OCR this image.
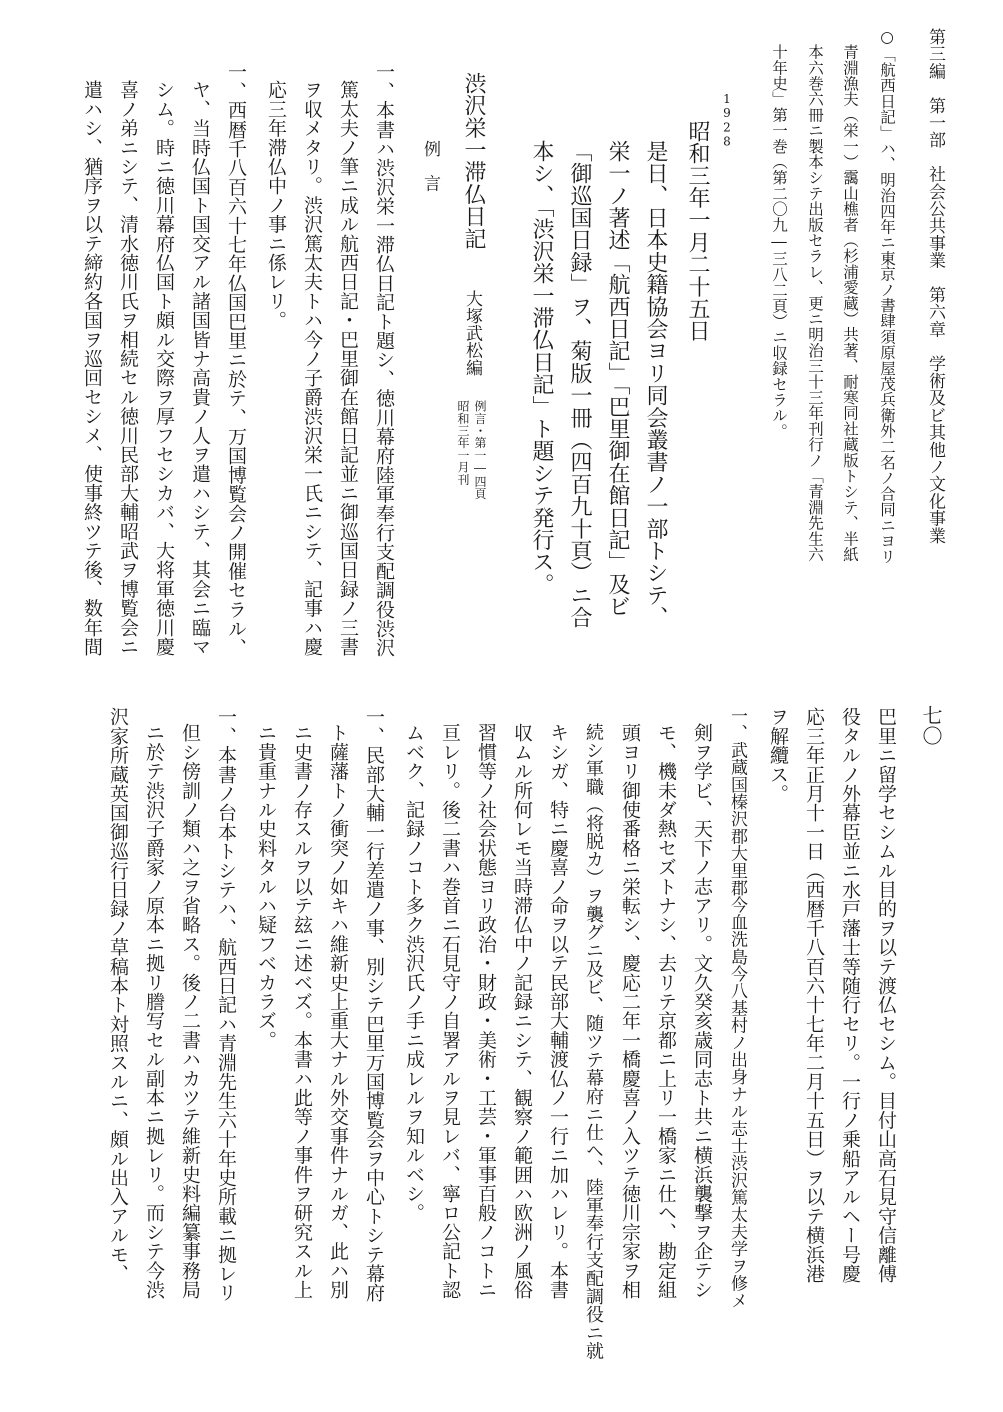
第三編　第一部　社会公共事業　第六章　学術及ビ其他ノ文化事業
七〇
○「航西日記」ハ、明治四年ニ東京ノ書肆須原屋茂兵衛外二名ノ合同ニヨリ
青淵漁夫（栄一）靄山樵者（杉浦愛蔵）共著、耐寒同社蔵版トシテ、半紙
本六巻六冊ニ製本シテ出版セラレ、更ニ明治三十三年刊行ノ「青淵先生六
十年史」第一巻（第二〇九―三八二頁）ニ収録セラル。
1928
昭和三年一月二十五日
是日、日本史籍協会ヨリ同会叢書ノ一部トシテ、
栄一ノ著述「航西日記」「巴里御在館日記」及ビ
「御巡国日録」ヲ、菊版一冊（四百九十頁）ニ合
本シ、「渋沢栄一滞仏日記」ト題シテ発行ス。
渋沢栄一滞仏日記
大塚武松編
例言・第一―四頁
昭和三年一月刊
例　言
一、本書ハ渋沢栄一滞仏日記ト題シ、徳川幕府陸軍奉行支配調役渋沢
篤太夫ノ筆ニ成ル航西日記・巴里御在館日記並ニ御巡国日録ノ三書
ヲ収メタリ。渋沢篤太夫トハ今ノ子爵渋沢栄一氏ニシテ、記事ハ慶
応三年滞仏中ノ事ニ係レリ。
一、西暦千八百六十七年仏国巴里ニ於テ、万国博覧会ノ開催セラル、
ヤ、当時仏国ト国交アル諸国皆ナ高貴ノ人ヲ遣ハシテ、其会ニ臨マ
シム。時ニ徳川幕府仏国ト頗ル交際ヲ厚フセシカバ、大将軍徳川慶
喜ノ弟ニシテ、清水徳川氏ヲ相続セル徳川民部大輔昭武ヲ博覧会ニ
遣ハシ、猶序ヲ以テ締約各国ヲ巡回セシメ、使事終ツテ後、数年間
巴里ニ留学セシムル目的ヲ以テ渡仏セシム。目付山高石見守信離傅
役タルノ外幕臣並ニ水戸藩士等随行セリ。一行ノ乗船アルヘー号慶
応三年正月十一日（西暦千八百六十七年二月十五日）ヲ以テ横浜港
ヲ解纜ス。
一、武蔵国榛沢郡大里郡今血洗島今八基村ノ出身ナル志士渋沢篤太夫学ヲ修メ
剣ヲ学ビ、天下ノ志アリ。文久癸亥歳同志ト共ニ横浜襲撃ヲ企テシ
モ、機未ダ熱セズトナシ、去リテ京都ニ上リ一橋家ニ仕ヘ、勘定組
頭ヨリ御使番格ニ栄転シ、慶応二年一橋慶喜ノ入ツテ徳川宗家ヲ相
続シ軍職（将脱カ）ヲ襲グニ及ビ、随ツテ幕府ニ仕ヘ、陸軍奉行支配調役ニ就
キシガ、特ニ慶喜ノ命ヲ以テ民部大輔渡仏ノ一行ニ加ハレリ。本書
収ムル所何レモ当時滞仏中ノ記録ニシテ、観察ノ範囲ハ欧洲ノ風俗
習慣等ノ社会状態ヨリ政治・財政・美術・工芸・軍事百般ノコトニ
亘レリ。後二書ハ巻首ニ石見守ノ自署アルヲ見レバ、寧ロ公記ト認
ムベク、記録ノコト多ク渋沢氏ノ手ニ成レルヲ知ルベシ。
一、民部大輔一行差遣ノ事、別シテ巴里万国博覧会ヲ中心トシテ幕府
ト薩藩トノ衝突ノ如キハ維新史上重大ナル外交事件ナルガ、此ハ別
ニ史書ノ存スルヲ以テ玆ニ述ベズ。本書ハ此等ノ事件ヲ研究スル上
ニ貴重ナル史料タルハ疑フベカラズ。
一、本書ノ台本トシテハ、航西日記ハ青淵先生六十年史所載ニ拠レリ
但シ傍訓ノ類ハ之ヲ省略ス。後ノ二書ハカツテ維新史料編纂事務局
ニ於テ渋沢子爵家ノ原本ニ拠リ謄写セル副本ニ拠レリ。而シテ今渋
沢家所蔵英国御巡行日録ノ草稿本ト対照スルニ、頗ル出入アルモ、
